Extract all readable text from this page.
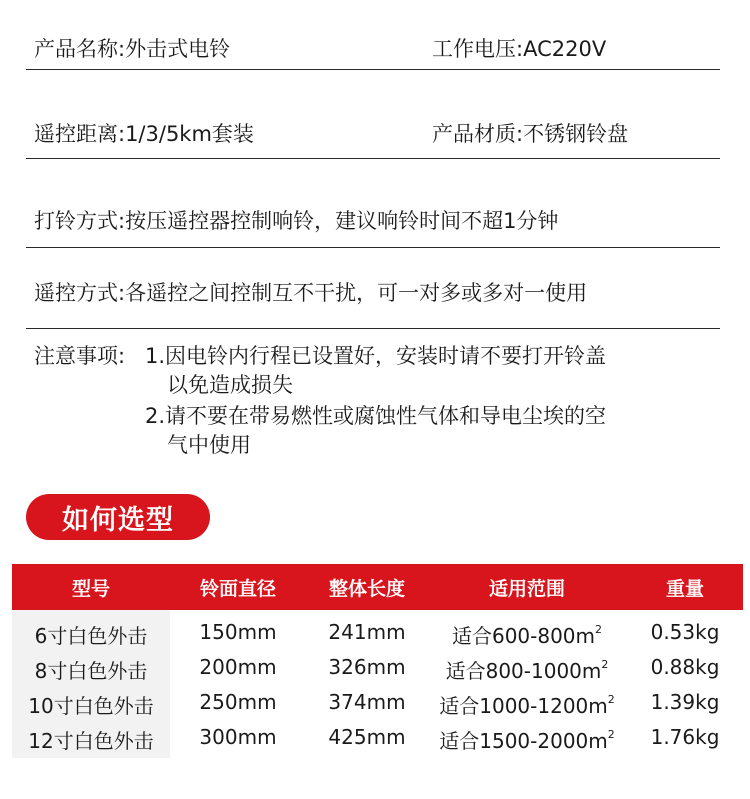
产品名称:外击式电铃	工作电压:AC220V
遥控距离:1/3/5km套装	产品材质:不锈钢铃盘
打铃方式:按压遥控器控制响铃，建议响铃时间不超1分钟
遥控方式:各遥控之间控制互不干扰，可一对多或多对一使用
注意事项: 1.因电铃内行程已设置好，安装时请不要打开铃盖
以免造成损失
2.请不要在带易燃性或腐蚀性气体和导电尘埃的空
气中使用
如何选型
型号	铃面直径	整体长度	适用范围	重量
6寸白色外击	150mm	241mm	适合$600-800m^2$	0.53kg
8寸白色外击	200mm	326mm	适合$800-1000m^2$	0.88kg
10寸白色外击	250mm	374mm	适合$1000-1200m^2$	1.39kg
12寸白色外击	300mm	425mm	适合$1500-2000m^2$	1.76kg
